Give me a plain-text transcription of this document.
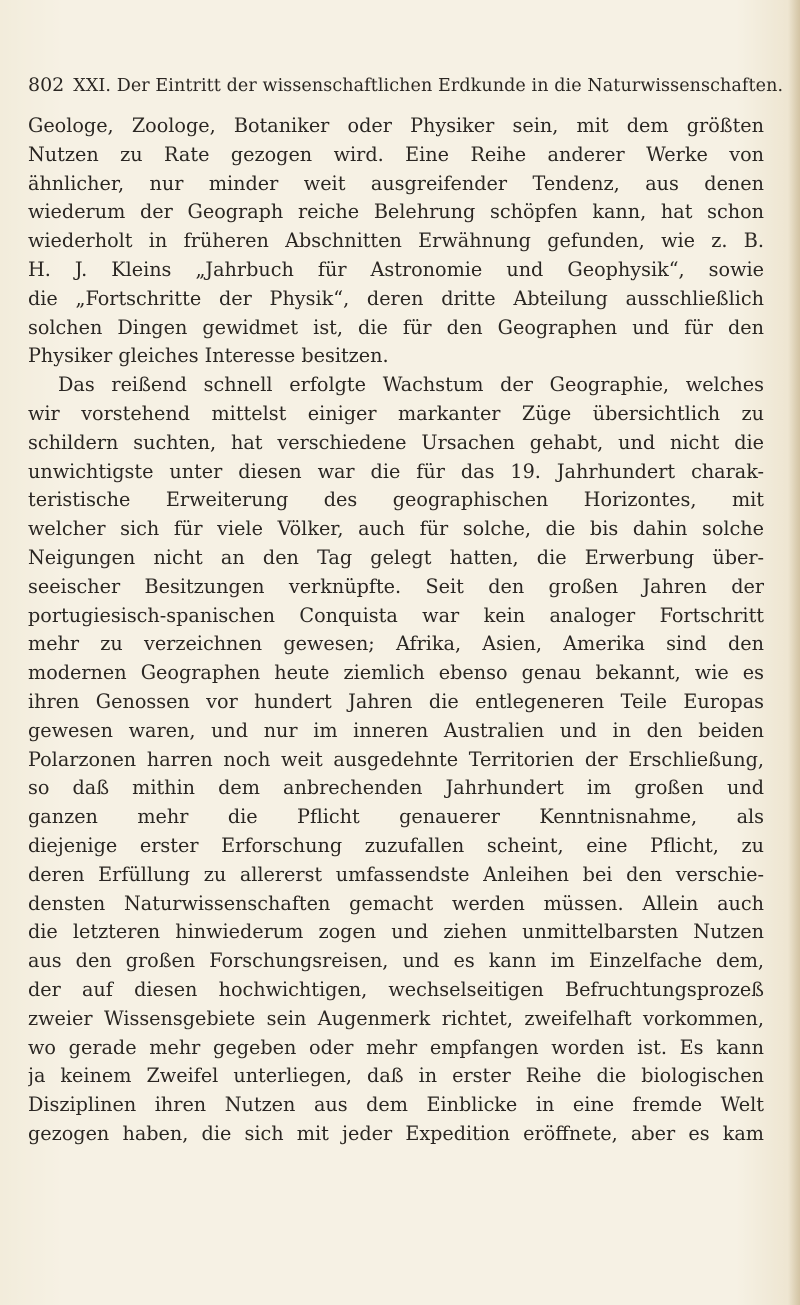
802 XXI. Der Eintritt der wissenschaftlichen Erdkunde in die Naturwissenschaften.
Geologe, Zoologe, Botaniker oder Physiker sein, mit dem größten
Nutzen zu Rate gezogen wird. Eine Reihe anderer Werke von
ähnlicher, nur minder weit ausgreifender Tendenz, aus denen
wiederum der Geograph reiche Belehrung schöpfen kann, hat schon
wiederholt in früheren Abschnitten Erwähnung gefunden, wie z. B.
H. J. Kleins „Jahrbuch für Astronomie und Geophysik“, sowie
die „Fortschritte der Physik“, deren dritte Abteilung ausschließlich
solchen Dingen gewidmet ist, die für den Geographen und für den
Physiker gleiches Interesse besitzen.
Das reißend schnell erfolgte Wachstum der Geographie, welches
wir vorstehend mittelst einiger markanter Züge übersichtlich zu
schildern suchten, hat verschiedene Ursachen gehabt, und nicht die
unwichtigste unter diesen war die für das 19. Jahrhundert charak-
teristische Erweiterung des geographischen Horizontes, mit
welcher sich für viele Völker, auch für solche, die bis dahin solche
Neigungen nicht an den Tag gelegt hatten, die Erwerbung über-
seeischer Besitzungen verknüpfte. Seit den großen Jahren der
portugiesisch-spanischen Conquista war kein analoger Fortschritt
mehr zu verzeichnen gewesen; Afrika, Asien, Amerika sind den
modernen Geographen heute ziemlich ebenso genau bekannt, wie es
ihren Genossen vor hundert Jahren die entlegeneren Teile Europas
gewesen waren, und nur im inneren Australien und in den beiden
Polarzonen harren noch weit ausgedehnte Territorien der Erschließung,
so daß mithin dem anbrechenden Jahrhundert im großen und
ganzen mehr die Pflicht genauerer Kenntnisnahme, als
diejenige erster Erforschung zuzufallen scheint, eine Pflicht, zu
deren Erfüllung zu allererst umfassendste Anleihen bei den verschie-
densten Naturwissenschaften gemacht werden müssen. Allein auch
die letzteren hinwiederum zogen und ziehen unmittelbarsten Nutzen
aus den großen Forschungsreisen, und es kann im Einzelfache dem,
der auf diesen hochwichtigen, wechselseitigen Befruchtungsprozeß
zweier Wissensgebiete sein Augenmerk richtet, zweifelhaft vorkommen,
wo gerade mehr gegeben oder mehr empfangen worden ist. Es kann
ja keinem Zweifel unterliegen, daß in erster Reihe die biologischen
Disziplinen ihren Nutzen aus dem Einblicke in eine fremde Welt
gezogen haben, die sich mit jeder Expedition eröffnete, aber es kam
